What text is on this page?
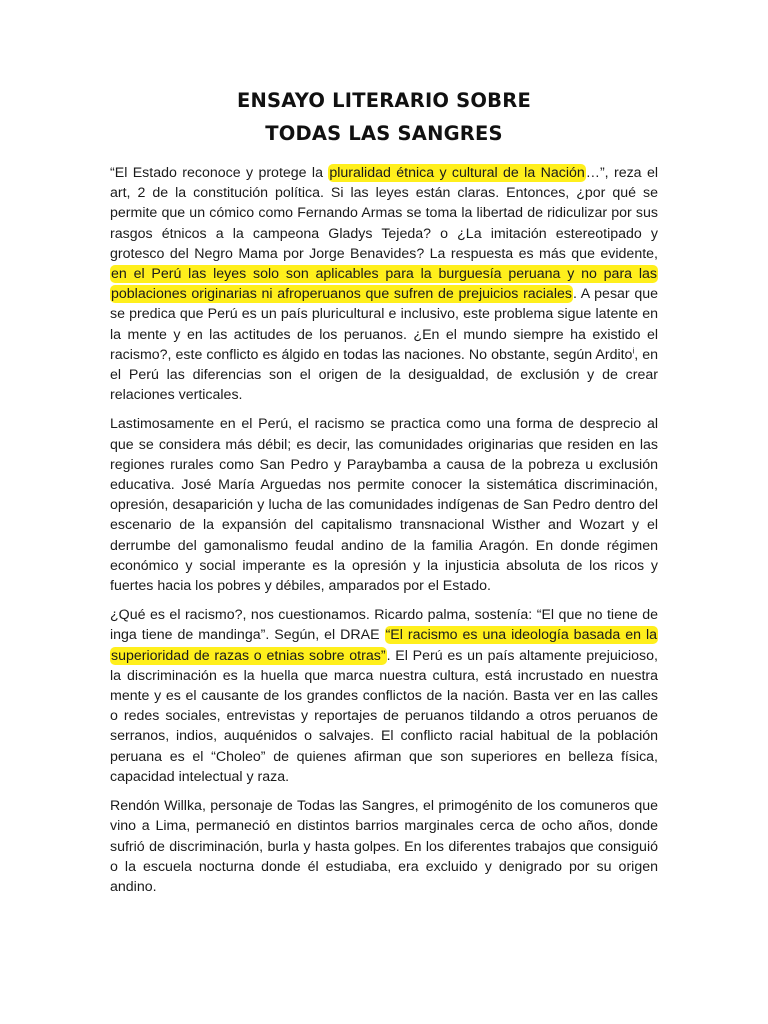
ENSAYO LITERARIO SOBRE
TODAS LAS SANGRES

“El Estado reconoce y protege la pluralidad étnica y cultural de la Nación…”, reza el art, 2 de la constitución política. Si las leyes están claras. Entonces, ¿por qué se permite que un cómico como Fernando Armas se toma la libertad de ridiculizar por sus rasgos étnicos a la campeona Gladys Tejeda? o ¿La imitación estereotipado y grotesco del Negro Mama por Jorge Benavides? La respuesta es más que evidente, en el Perú las leyes solo son aplicables para la burguesía peruana y no para las poblaciones originarias ni afroperuanos que sufren de prejuicios raciales. A pesar que se predica que Perú es un país pluricultural e inclusivo, este problema sigue latente en la mente y en las actitudes de los peruanos. ¿En el mundo siempre ha existido el racismo?, este conflicto es álgido en todas las naciones. No obstante, según Ardito$^i$, en el Perú las diferencias son el origen de la desigualdad, de exclusión y de crear relaciones verticales.

Lastimosamente en el Perú, el racismo se practica como una forma de desprecio al que se considera más débil; es decir, las comunidades originarias que residen en las regiones rurales como San Pedro y Paraybamba a causa de la pobreza u exclusión educativa. José María Arguedas nos permite conocer la sistemática discriminación, opresión, desaparición y lucha de las comunidades indígenas de San Pedro dentro del escenario de la expansión del capitalismo transnacional Wisther and Wozart y el derrumbe del gamonalismo feudal andino de la familia Aragón. En donde régimen económico y social imperante es la opresión y la injusticia absoluta de los ricos y fuertes hacia los pobres y débiles, amparados por el Estado.

¿Qué es el racismo?, nos cuestionamos. Ricardo palma, sostenía: “El que no tiene de inga tiene de mandinga”. Según, el DRAE “El racismo es una ideología basada en la superioridad de razas o etnias sobre otras”. El Perú es un país altamente prejuicioso, la discriminación es la huella que marca nuestra cultura, está incrustado en nuestra mente y es el causante de los grandes conflictos de la nación. Basta ver en las calles o redes sociales, entrevistas y reportajes de peruanos tildando a otros peruanos de serranos, indios, auquénidos o salvajes. El conflicto racial habitual de la población peruana es el “Choleo” de quienes afirman que son superiores en belleza física, capacidad intelectual y raza.

Rendón Willka, personaje de Todas las Sangres, el primogénito de los comuneros que vino a Lima, permaneció en distintos barrios marginales cerca de ocho años, donde sufrió de discriminación, burla y hasta golpes. En los diferentes trabajos que consiguió o la escuela nocturna donde él estudiaba, era excluido y denigrado por su origen andino.
